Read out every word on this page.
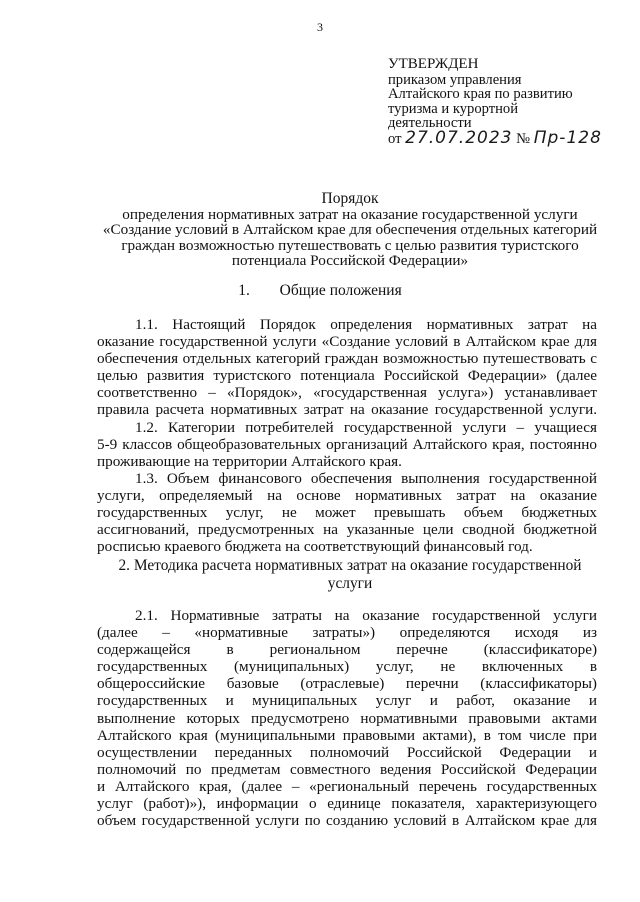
3
УТВЕРЖДЕН
приказом управления
Алтайского края по развитию
туризма и курортной
деятельности
от 27.07.2023 № Пр-128
Порядок
определения нормативных затрат на оказание государственной услуги
«Создание условий в Алтайском крае для обеспечения отдельных категорий
граждан возможностью путешествовать с целью развития туристского
потенциала Российской Федерации»
1. Общие положения

1.1. Настоящий Порядок определения нормативных затрат на

оказание государственной услуги «Создание условий в Алтайском крае для
обеспечения отдельных категорий граждан возможностью путешествовать с
целью развития туристского потенциала Российской Федерации» (далее
соответственно – «Порядок», «государственная услуга») устанавливает
правила расчета нормативных затрат на оказание государственной услуги.

1.2. Категории потребителей государственной услуги – учащиеся

5-9 классов общеобразовательных организаций Алтайского края, постоянно
проживающие на территории Алтайского края.

1.3. Объем финансового обеспечения выполнения государственной

услуги, определяемый на основе нормативных затрат на оказание
государственных услуг, не может превышать объем бюджетных
ассигнований, предусмотренных на указанные цели сводной бюджетной
росписью краевого бюджета на соответствующий финансовый год.
2. Методика расчета нормативных затрат на оказание государственной
услуги

2.1. Нормативные затраты на оказание государственной услуги

(далее – «нормативные затраты») определяются исходя из
содержащейся в региональном перечне (классификаторе)
государственных (муниципальных) услуг, не включенных в
общероссийские базовые (отраслевые) перечни (классификаторы)
государственных и муниципальных услуг и работ, оказание и
выполнение которых предусмотрено нормативными правовыми актами
Алтайского края (муниципальными правовыми актами), в том числе при
осуществлении переданных полномочий Российской Федерации и
полномочий по предметам совместного ведения Российской Федерации
и Алтайского края, (далее – «региональный перечень государственных
услуг (работ)»), информации о единице показателя, характеризующего
объем государственной услуги по созданию условий в Алтайском крае для
